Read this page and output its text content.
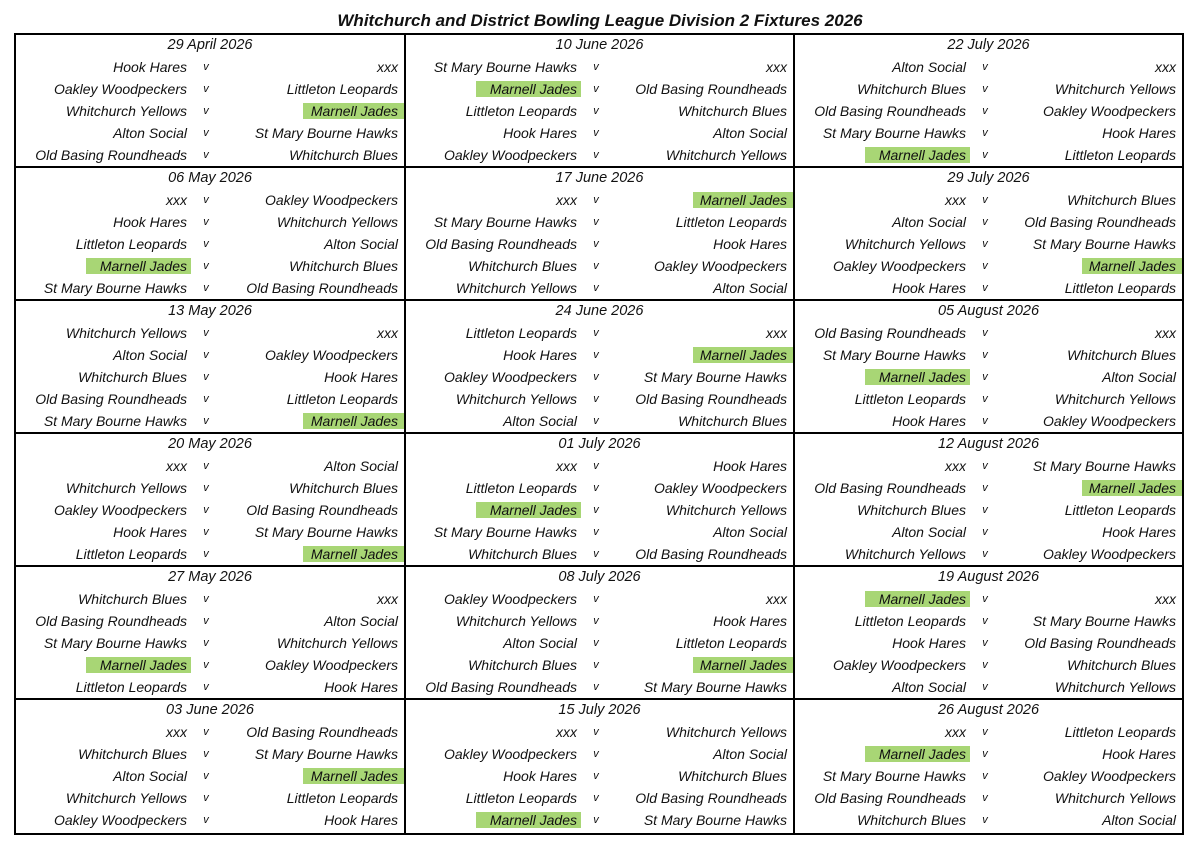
Whitchurch and District Bowling League Division 2 Fixtures 2026
29 April 2026
Hook Hares	v	xxx
Oakley Woodpeckers	v	Littleton Leopards
Whitchurch Yellows	v	Marnell Jades
Alton Social	v	St Mary Bourne Hawks
Old Basing Roundheads	v	Whitchurch Blues
10 June 2026
St Mary Bourne Hawks	v	xxx
Marnell Jades	v	Old Basing Roundheads
Littleton Leopards	v	Whitchurch Blues
Hook Hares	v	Alton Social
Oakley Woodpeckers	v	Whitchurch Yellows
22 July 2026
Alton Social	v	xxx
Whitchurch Blues	v	Whitchurch Yellows
Old Basing Roundheads	v	Oakley Woodpeckers
St Mary Bourne Hawks	v	Hook Hares
Marnell Jades	v	Littleton Leopards
06 May 2026
xxx	v	Oakley Woodpeckers
Hook Hares	v	Whitchurch Yellows
Littleton Leopards	v	Alton Social
Marnell Jades	v	Whitchurch Blues
St Mary Bourne Hawks	v	Old Basing Roundheads
17 June 2026
xxx	v	Marnell Jades
St Mary Bourne Hawks	v	Littleton Leopards
Old Basing Roundheads	v	Hook Hares
Whitchurch Blues	v	Oakley Woodpeckers
Whitchurch Yellows	v	Alton Social
29 July 2026
xxx	v	Whitchurch Blues
Alton Social	v	Old Basing Roundheads
Whitchurch Yellows	v	St Mary Bourne Hawks
Oakley Woodpeckers	v	Marnell Jades
Hook Hares	v	Littleton Leopards
13 May 2026
Whitchurch Yellows	v	xxx
Alton Social	v	Oakley Woodpeckers
Whitchurch Blues	v	Hook Hares
Old Basing Roundheads	v	Littleton Leopards
St Mary Bourne Hawks	v	Marnell Jades
24 June 2026
Littleton Leopards	v	xxx
Hook Hares	v	Marnell Jades
Oakley Woodpeckers	v	St Mary Bourne Hawks
Whitchurch Yellows	v	Old Basing Roundheads
Alton Social	v	Whitchurch Blues
05 August 2026
Old Basing Roundheads	v	xxx
St Mary Bourne Hawks	v	Whitchurch Blues
Marnell Jades	v	Alton Social
Littleton Leopards	v	Whitchurch Yellows
Hook Hares	v	Oakley Woodpeckers
20 May 2026
xxx	v	Alton Social
Whitchurch Yellows	v	Whitchurch Blues
Oakley Woodpeckers	v	Old Basing Roundheads
Hook Hares	v	St Mary Bourne Hawks
Littleton Leopards	v	Marnell Jades
01 July 2026
xxx	v	Hook Hares
Littleton Leopards	v	Oakley Woodpeckers
Marnell Jades	v	Whitchurch Yellows
St Mary Bourne Hawks	v	Alton Social
Whitchurch Blues	v	Old Basing Roundheads
12 August 2026
xxx	v	St Mary Bourne Hawks
Old Basing Roundheads	v	Marnell Jades
Whitchurch Blues	v	Littleton Leopards
Alton Social	v	Hook Hares
Whitchurch Yellows	v	Oakley Woodpeckers
27 May 2026
Whitchurch Blues	v	xxx
Old Basing Roundheads	v	Alton Social
St Mary Bourne Hawks	v	Whitchurch Yellows
Marnell Jades	v	Oakley Woodpeckers
Littleton Leopards	v	Hook Hares
08 July 2026
Oakley Woodpeckers	v	xxx
Whitchurch Yellows	v	Hook Hares
Alton Social	v	Littleton Leopards
Whitchurch Blues	v	Marnell Jades
Old Basing Roundheads	v	St Mary Bourne Hawks
19 August 2026
Marnell Jades	v	xxx
Littleton Leopards	v	St Mary Bourne Hawks
Hook Hares	v	Old Basing Roundheads
Oakley Woodpeckers	v	Whitchurch Blues
Alton Social	v	Whitchurch Yellows
03 June 2026
xxx	v	Old Basing Roundheads
Whitchurch Blues	v	St Mary Bourne Hawks
Alton Social	v	Marnell Jades
Whitchurch Yellows	v	Littleton Leopards
Oakley Woodpeckers	v	Hook Hares
15 July 2026
xxx	v	Whitchurch Yellows
Oakley Woodpeckers	v	Alton Social
Hook Hares	v	Whitchurch Blues
Littleton Leopards	v	Old Basing Roundheads
Marnell Jades	v	St Mary Bourne Hawks
26 August 2026
xxx	v	Littleton Leopards
Marnell Jades	v	Hook Hares
St Mary Bourne Hawks	v	Oakley Woodpeckers
Old Basing Roundheads	v	Whitchurch Yellows
Whitchurch Blues	v	Alton Social
